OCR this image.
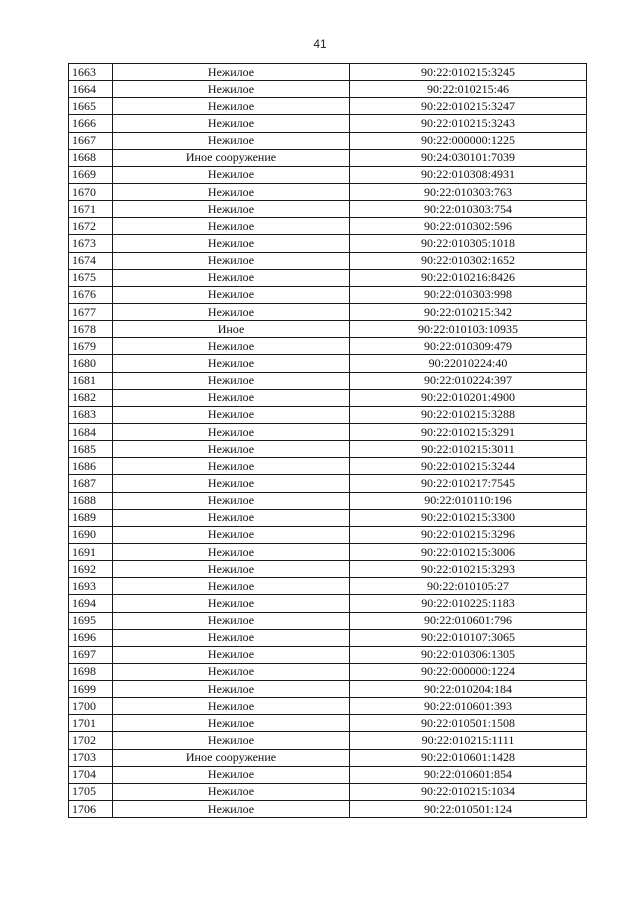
41
1663	Нежилое	90:22:010215:3245
1664	Нежилое	90:22:010215:46
1665	Нежилое	90:22:010215:3247
1666	Нежилое	90:22:010215:3243
1667	Нежилое	90:22:000000:1225
1668	Иное сооружение	90:24:030101:7039
1669	Нежилое	90:22:010308:4931
1670	Нежилое	90:22:010303:763
1671	Нежилое	90:22:010303:754
1672	Нежилое	90:22:010302:596
1673	Нежилое	90:22:010305:1018
1674	Нежилое	90:22:010302:1652
1675	Нежилое	90:22:010216:8426
1676	Нежилое	90:22:010303:998
1677	Нежилое	90:22:010215:342
1678	Иное	90:22:010103:10935
1679	Нежилое	90:22:010309:479
1680	Нежилое	90:22010224:40
1681	Нежилое	90:22:010224:397
1682	Нежилое	90:22:010201:4900
1683	Нежилое	90:22:010215:3288
1684	Нежилое	90:22:010215:3291
1685	Нежилое	90:22:010215:3011
1686	Нежилое	90:22:010215:3244
1687	Нежилое	90:22:010217:7545
1688	Нежилое	90:22:010110:196
1689	Нежилое	90:22:010215:3300
1690	Нежилое	90:22:010215:3296
1691	Нежилое	90:22:010215:3006
1692	Нежилое	90:22:010215:3293
1693	Нежилое	90:22:010105:27
1694	Нежилое	90:22:010225:1183
1695	Нежилое	90:22:010601:796
1696	Нежилое	90:22:010107:3065
1697	Нежилое	90:22:010306:1305
1698	Нежилое	90:22:000000:1224
1699	Нежилое	90:22:010204:184
1700	Нежилое	90:22:010601:393
1701	Нежилое	90:22:010501:1508
1702	Нежилое	90:22:010215:1111
1703	Иное сооружение	90:22:010601:1428
1704	Нежилое	90:22:010601:854
1705	Нежилое	90:22:010215:1034
1706	Нежилое	90:22:010501:124
